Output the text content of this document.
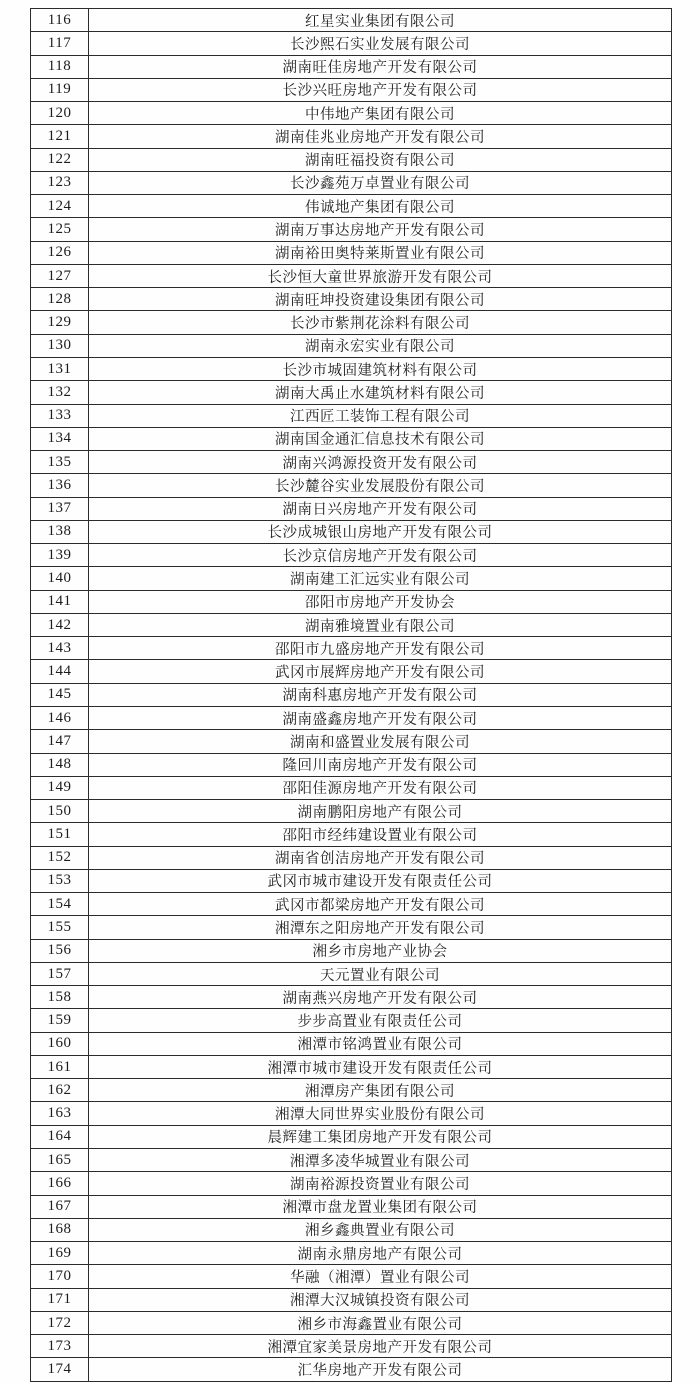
116	红星实业集团有限公司
117	长沙熙石实业发展有限公司
118	湖南旺佳房地产开发有限公司
119	长沙兴旺房地产开发有限公司
120	中伟地产集团有限公司
121	湖南佳兆业房地产开发有限公司
122	湖南旺福投资有限公司
123	长沙鑫苑万卓置业有限公司
124	伟诚地产集团有限公司
125	湖南万事达房地产开发有限公司
126	湖南裕田奥特莱斯置业有限公司
127	长沙恒大童世界旅游开发有限公司
128	湖南旺坤投资建设集团有限公司
129	长沙市紫荆花涂料有限公司
130	湖南永宏实业有限公司
131	长沙市城固建筑材料有限公司
132	湖南大禹止水建筑材料有限公司
133	江西匠工装饰工程有限公司
134	湖南国金通汇信息技术有限公司
135	湖南兴鸿源投资开发有限公司
136	长沙麓谷实业发展股份有限公司
137	湖南日兴房地产开发有限公司
138	长沙成城银山房地产开发有限公司
139	长沙京信房地产开发有限公司
140	湖南建工汇远实业有限公司
141	邵阳市房地产开发协会
142	湖南雅境置业有限公司
143	邵阳市九盛房地产开发有限公司
144	武冈市展辉房地产开发有限公司
145	湖南科惠房地产开发有限公司
146	湖南盛鑫房地产开发有限公司
147	湖南和盛置业发展有限公司
148	隆回川南房地产开发有限公司
149	邵阳佳源房地产开发有限公司
150	湖南鹏阳房地产有限公司
151	邵阳市经纬建设置业有限公司
152	湖南省创洁房地产开发有限公司
153	武冈市城市建设开发有限责任公司
154	武冈市都梁房地产开发有限公司
155	湘潭东之阳房地产开发有限公司
156	湘乡市房地产业协会
157	天元置业有限公司
158	湖南燕兴房地产开发有限公司
159	步步高置业有限责任公司
160	湘潭市铭鸿置业有限公司
161	湘潭市城市建设开发有限责任公司
162	湘潭房产集团有限公司
163	湘潭大同世界实业股份有限公司
164	晨辉建工集团房地产开发有限公司
165	湘潭多凌华城置业有限公司
166	湖南裕源投资置业有限公司
167	湘潭市盘龙置业集团有限公司
168	湘乡鑫典置业有限公司
169	湖南永鼎房地产有限公司
170	华融（湘潭）置业有限公司
171	湘潭大汉城镇投资有限公司
172	湘乡市海鑫置业有限公司
173	湘潭宜家美景房地产开发有限公司
174	汇华房地产开发有限公司
